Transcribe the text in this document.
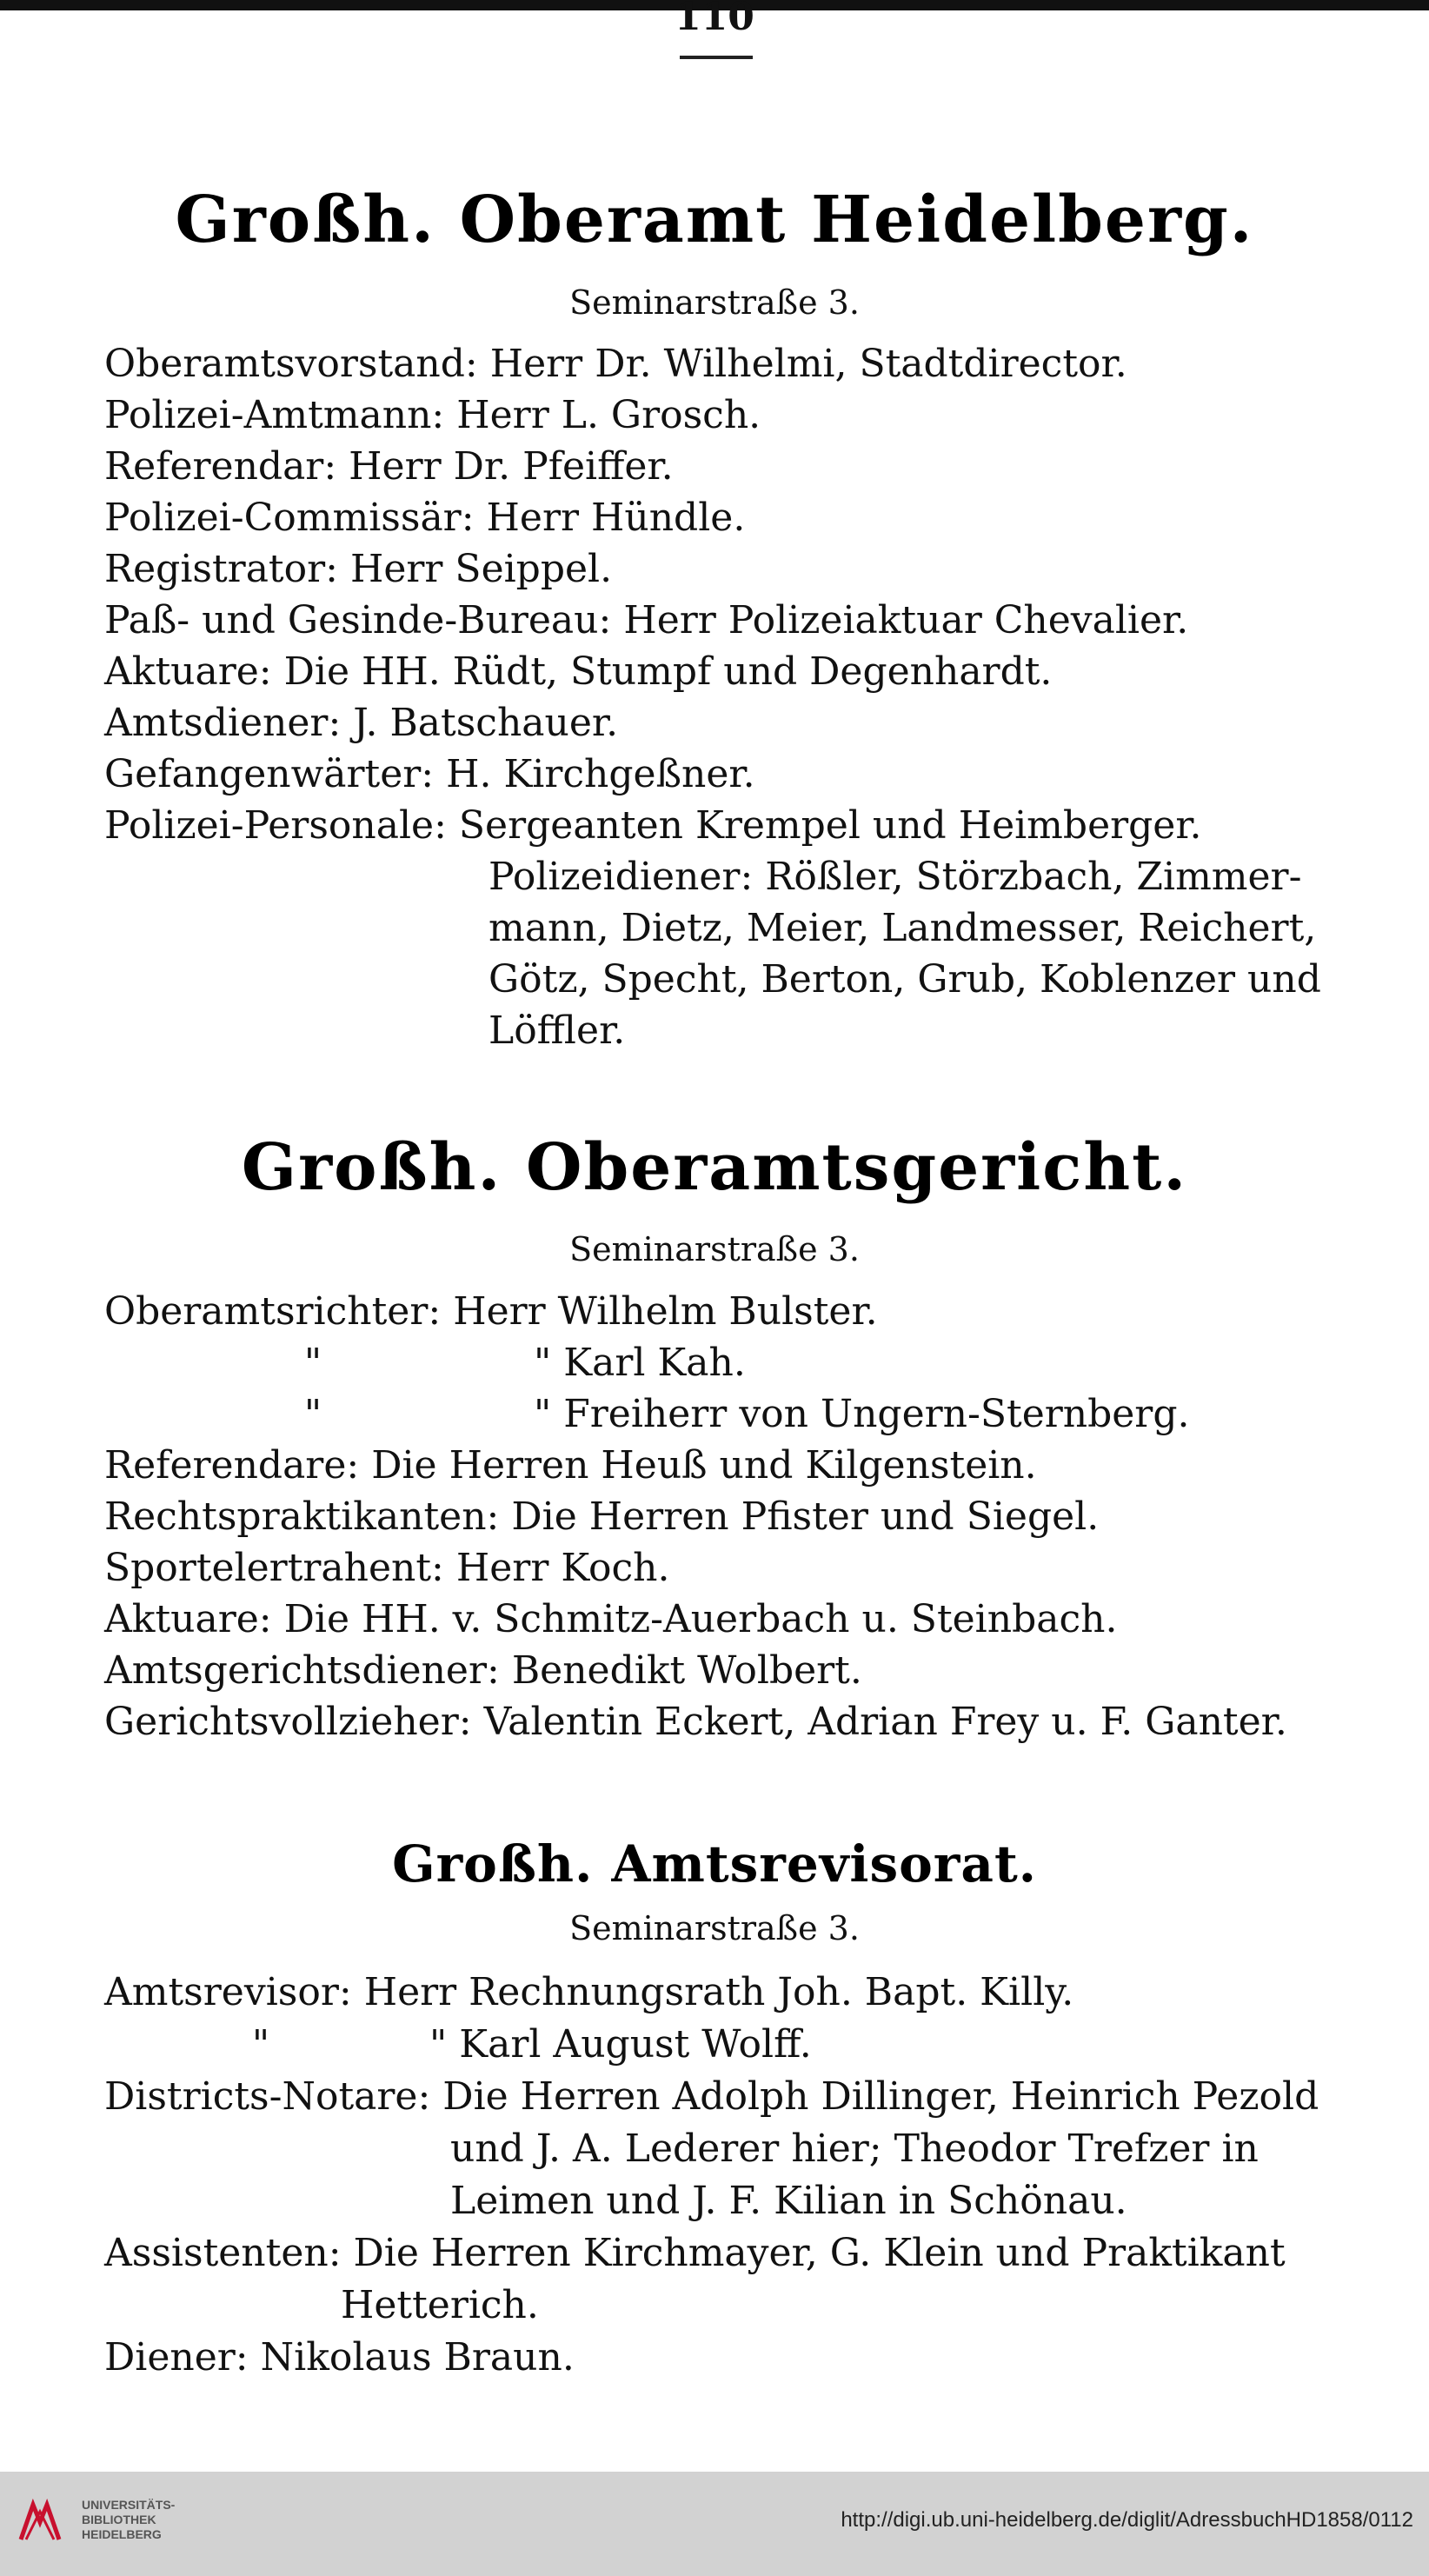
110
Großh. Oberamt Heidelberg.
Seminarstraße 3.
Oberamtsvorstand: Herr Dr. Wilhelmi, Stadtdirector.
Polizei-Amtmann: Herr L. Grosch.
Referendar: Herr Dr. Pfeiffer.
Polizei-Commissär: Herr Hündle.
Registrator: Herr Seippel.
Paß- und Gesinde-Bureau: Herr Polizeiaktuar Chevalier.
Aktuare: Die HH. Rüdt, Stumpf und Degenhardt.
Amtsdiener: J. Batschauer.
Gefangenwärter: H. Kirchgeßner.
Polizei-Personale: Sergeanten Krempel und Heimberger.
Polizeidiener: Rößler, Störzbach, Zimmer-
mann, Dietz, Meier, Landmesser, Reichert,
Götz, Specht, Berton, Grub, Koblenzer und
Löffler.
Großh. Oberamtsgericht.
Seminarstraße 3.
Oberamtsrichter: Herr Wilhelm Bulster.
"	" Karl Kah.
"	" Freiherr von Ungern-Sternberg.
Referendare: Die Herren Heuß und Kilgenstein.
Rechtspraktikanten: Die Herren Pfister und Siegel.
Sportelertrahent: Herr Koch.
Aktuare: Die HH. v. Schmitz-Auerbach u. Steinbach.
Amtsgerichtsdiener: Benedikt Wolbert.
Gerichtsvollzieher: Valentin Eckert, Adrian Frey u. F. Ganter.
Großh. Amtsrevisorat.
Seminarstraße 3.
Amtsrevisor: Herr Rechnungsrath Joh. Bapt. Killy.
"	" Karl August Wolff.
Districts-Notare: Die Herren Adolph Dillinger, Heinrich Pezold
und J. A. Lederer hier; Theodor Trefzer in
Leimen und J. F. Kilian in Schönau.
Assistenten: Die Herren Kirchmayer, G. Klein und Praktikant
Hetterich.
Diener: Nikolaus Braun.
UNIVERSITÄTS-
BIBLIOTHEK
HEIDELBERG
http://digi.ub.uni-heidelberg.de/diglit/AdressbuchHD1858/0112
